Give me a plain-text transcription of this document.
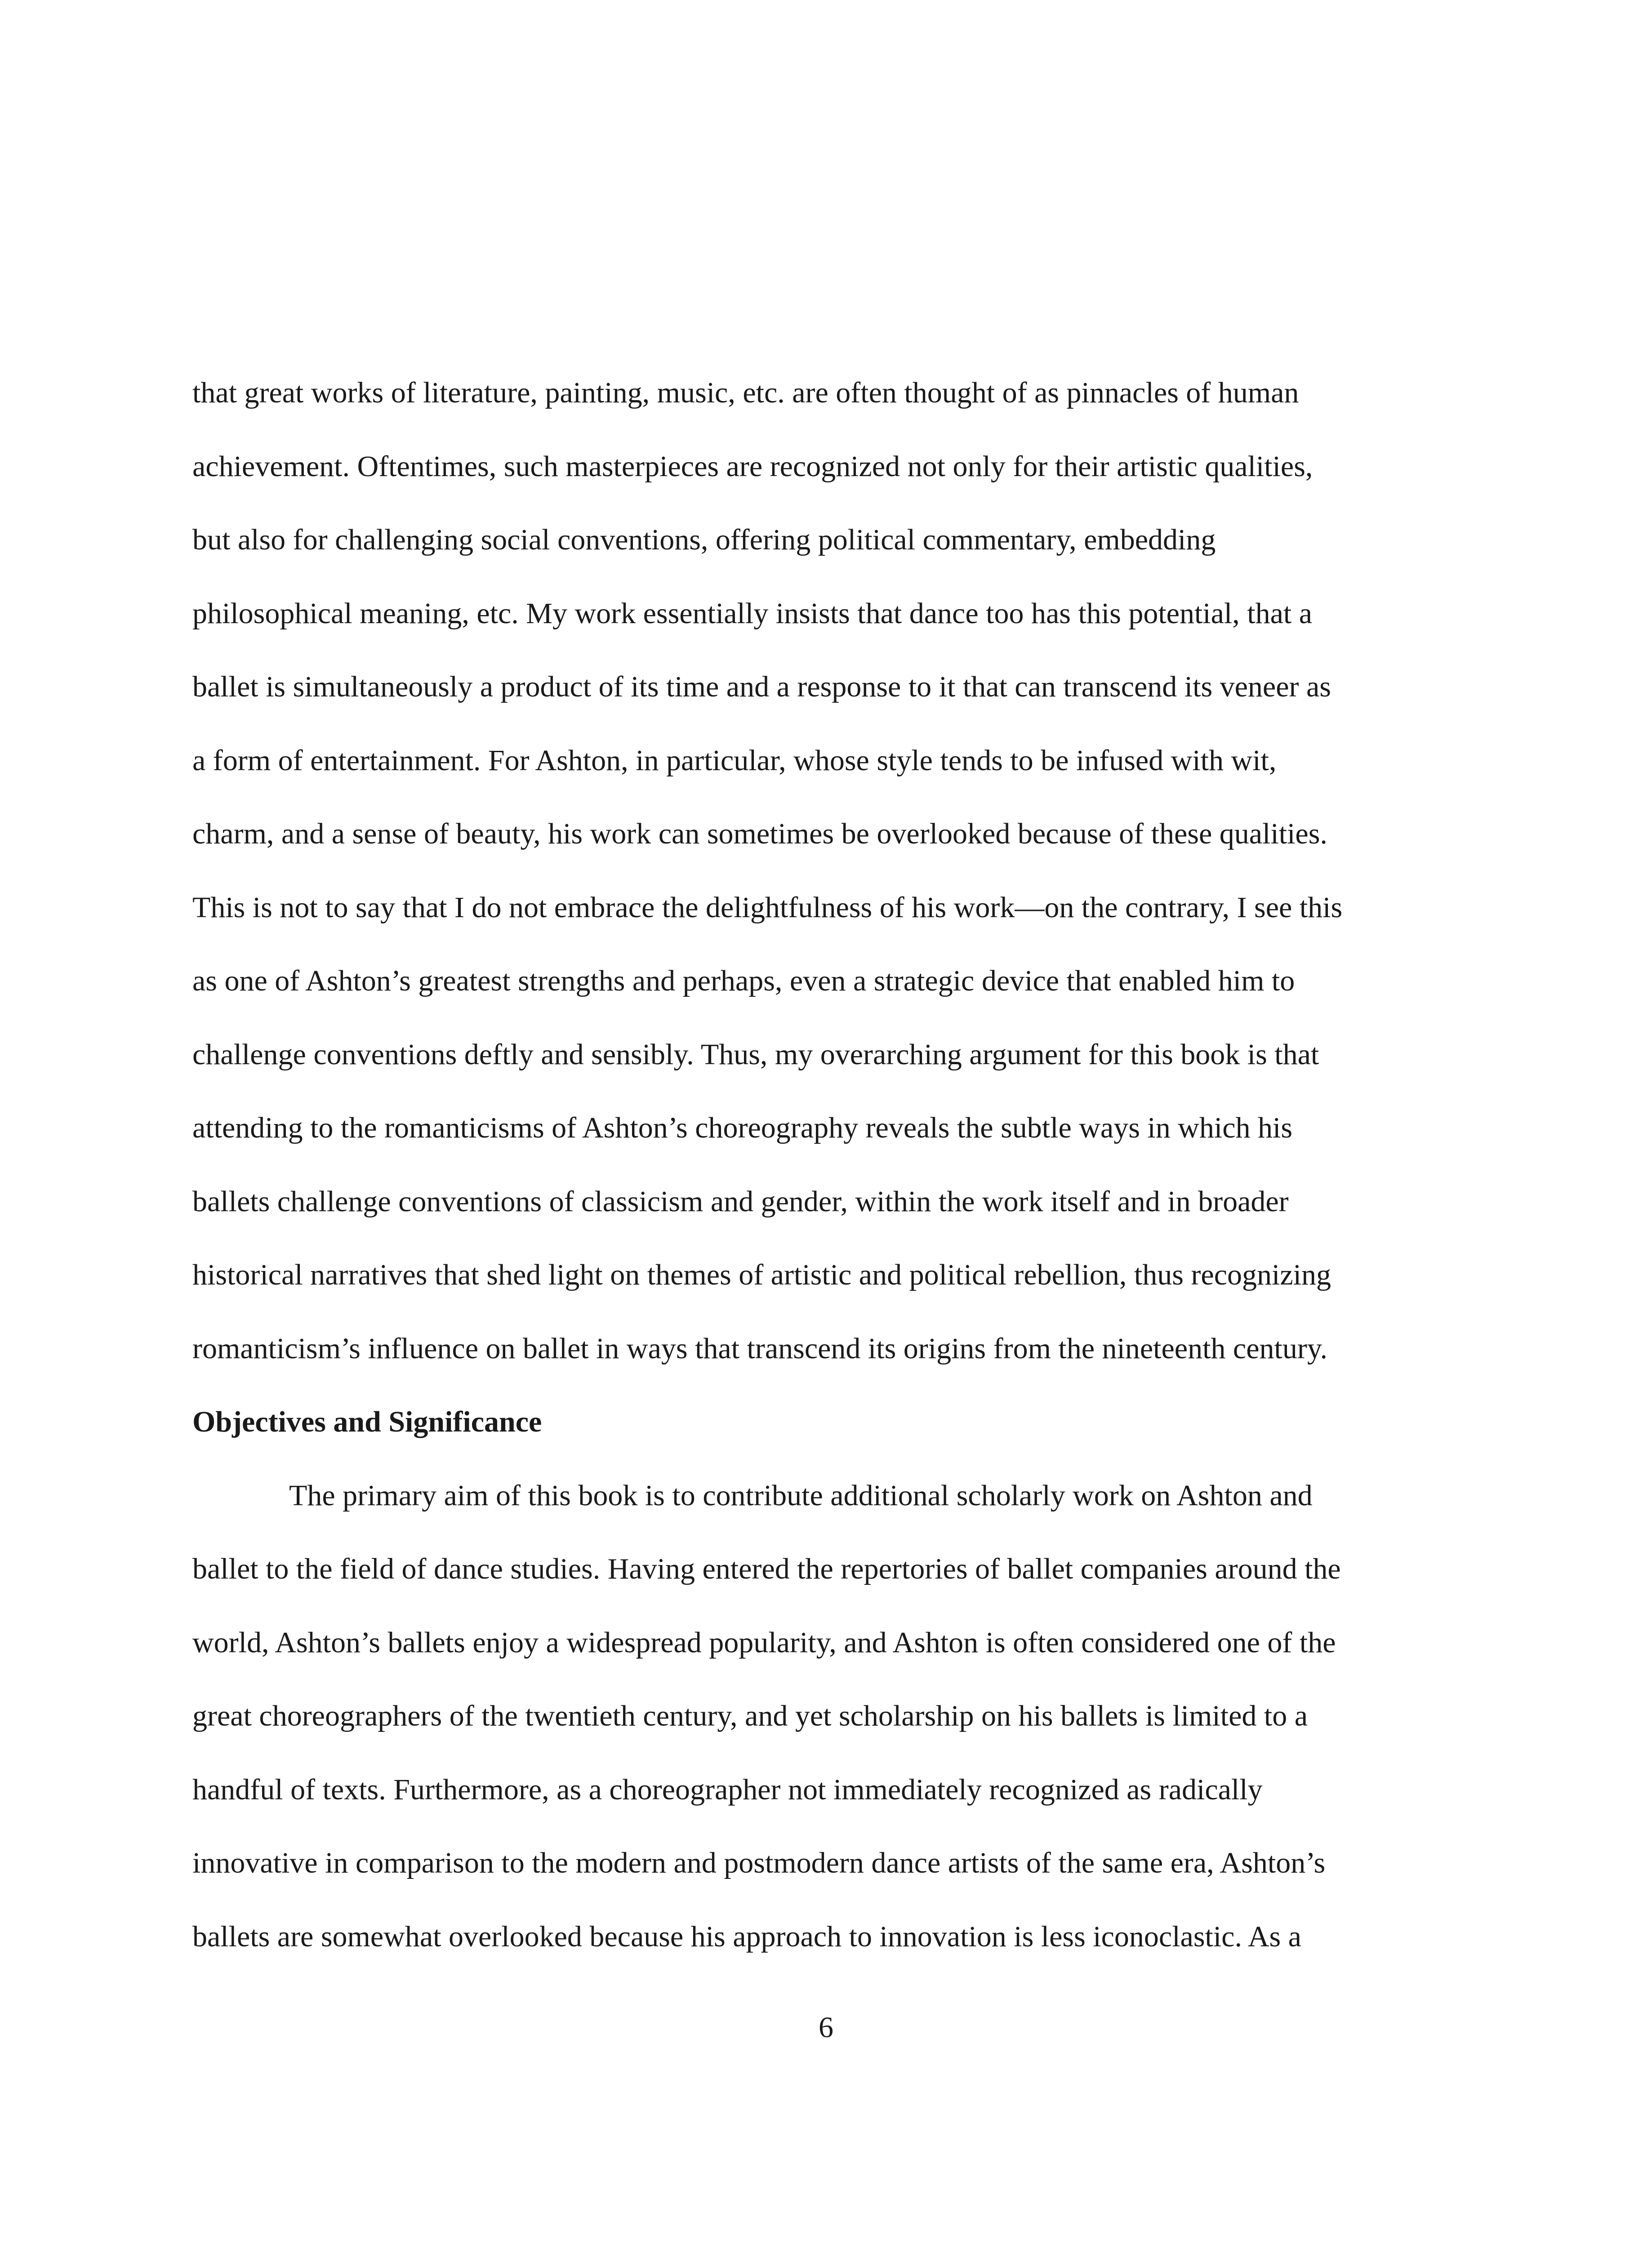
that great works of literature, painting, music, etc. are often thought of as pinnacles of human
achievement. Oftentimes, such masterpieces are recognized not only for their artistic qualities,
but also for challenging social conventions, offering political commentary, embedding
philosophical meaning, etc. My work essentially insists that dance too has this potential, that a
ballet is simultaneously a product of its time and a response to it that can transcend its veneer as
a form of entertainment. For Ashton, in particular, whose style tends to be infused with wit,
charm, and a sense of beauty, his work can sometimes be overlooked because of these qualities.
This is not to say that I do not embrace the delightfulness of his work—on the contrary, I see this
as one of Ashton’s greatest strengths and perhaps, even a strategic device that enabled him to
challenge conventions deftly and sensibly. Thus, my overarching argument for this book is that
attending to the romanticisms of Ashton’s choreography reveals the subtle ways in which his
ballets challenge conventions of classicism and gender, within the work itself and in broader
historical narratives that shed light on themes of artistic and political rebellion, thus recognizing
romanticism’s influence on ballet in ways that transcend its origins from the nineteenth century.
Objectives and Significance
The primary aim of this book is to contribute additional scholarly work on Ashton and
ballet to the field of dance studies. Having entered the repertories of ballet companies around the
world, Ashton’s ballets enjoy a widespread popularity, and Ashton is often considered one of the
great choreographers of the twentieth century, and yet scholarship on his ballets is limited to a
handful of texts. Furthermore, as a choreographer not immediately recognized as radically
innovative in comparison to the modern and postmodern dance artists of the same era, Ashton’s
ballets are somewhat overlooked because his approach to innovation is less iconoclastic. As a
6
